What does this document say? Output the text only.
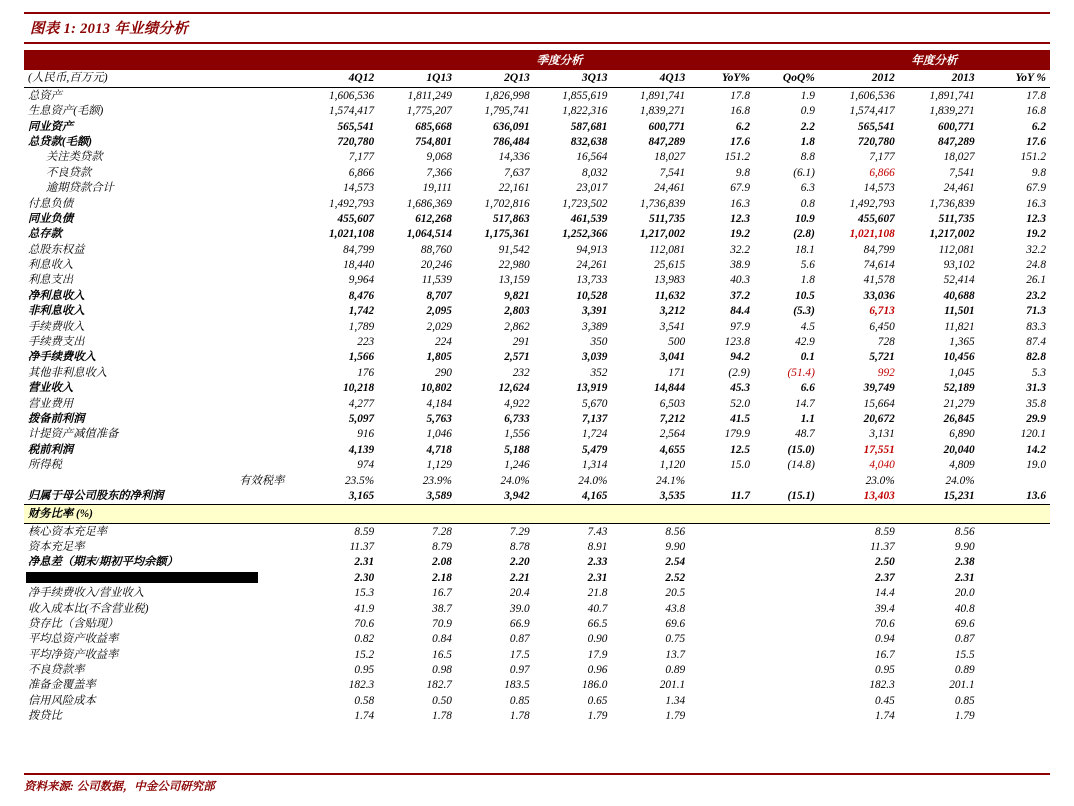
图表 1: 2013 年业绩分析
	季度分析							年度分析		
(人民币,百万元)	4Q12	1Q13	2Q13	3Q13	4Q13	YoY%	QoQ%	2012	2013	YoY %
总资产	1,606,536	1,811,249	1,826,998	1,855,619	1,891,741	17.8	1.9	1,606,536	1,891,741	17.8
生息资产(毛额)	1,574,417	1,775,207	1,795,741	1,822,316	1,839,271	16.8	0.9	1,574,417	1,839,271	16.8
同业资产	565,541	685,668	636,091	587,681	600,771	6.2	2.2	565,541	600,771	6.2
总贷款(毛额)	720,780	754,801	786,484	832,638	847,289	17.6	1.8	720,780	847,289	17.6
关注类贷款	7,177	9,068	14,336	16,564	18,027	151.2	8.8	7,177	18,027	151.2
不良贷款	6,866	7,366	7,637	8,032	7,541	9.8	(6.1)	6,866	7,541	9.8
逾期贷款合计	14,573	19,111	22,161	23,017	24,461	67.9	6.3	14,573	24,461	67.9
付息负债	1,492,793	1,686,369	1,702,816	1,723,502	1,736,839	16.3	0.8	1,492,793	1,736,839	16.3
同业负债	455,607	612,268	517,863	461,539	511,735	12.3	10.9	455,607	511,735	12.3
总存款	1,021,108	1,064,514	1,175,361	1,252,366	1,217,002	19.2	(2.8)	1,021,108	1,217,002	19.2
总股东权益	84,799	88,760	91,542	94,913	112,081	32.2	18.1	84,799	112,081	32.2
利息收入	18,440	20,246	22,980	24,261	25,615	38.9	5.6	74,614	93,102	24.8
利息支出	9,964	11,539	13,159	13,733	13,983	40.3	1.8	41,578	52,414	26.1
净利息收入	8,476	8,707	9,821	10,528	11,632	37.2	10.5	33,036	40,688	23.2
非利息收入	1,742	2,095	2,803	3,391	3,212	84.4	(5.3)	6,713	11,501	71.3
手续费收入	1,789	2,029	2,862	3,389	3,541	97.9	4.5	6,450	11,821	83.3
手续费支出	223	224	291	350	500	123.8	42.9	728	1,365	87.4
净手续费收入	1,566	1,805	2,571	3,039	3,041	94.2	0.1	5,721	10,456	82.8
其他非利息收入	176	290	232	352	171	(2.9)	(51.4)	992	1,045	5.3
营业收入	10,218	10,802	12,624	13,919	14,844	45.3	6.6	39,749	52,189	31.3
营业费用	4,277	4,184	4,922	5,670	6,503	52.0	14.7	15,664	21,279	35.8
拨备前利润	5,097	5,763	6,733	7,137	7,212	41.5	1.1	20,672	26,845	29.9
计提资产减值准备	916	1,046	1,556	1,724	2,564	179.9	48.7	3,131	6,890	120.1
税前利润	4,139	4,718	5,188	5,479	4,655	12.5	(15.0)	17,551	20,040	14.2
所得税	974	1,129	1,246	1,314	1,120	15.0	(14.8)	4,040	4,809	19.0
有效税率	23.5%	23.9%	24.0%	24.0%	24.1%			23.0%	24.0%	
归属于母公司股东的净利润	3,165	3,589	3,942	4,165	3,535	11.7	(15.1)	13,403	15,231	13.6
财务比率 (%)										
核心资本充足率	8.59	7.28	7.29	7.43	8.56			8.59	8.56	
资本充足率	11.37	8.79	8.78	8.91	9.90			11.37	9.90	
净息差（期末/期初平均余额）	2.31	2.08	2.20	2.33	2.54			2.50	2.38	

	2.30	2.18	2.21	2.31	2.52			2.37	2.31	
净手续费收入/营业收入	15.3	16.7	20.4	21.8	20.5			14.4	20.0	
收入成本比(不含营业税)	41.9	38.7	39.0	40.7	43.8			39.4	40.8	
贷存比（含贴现）	70.6	70.9	66.9	66.5	69.6			70.6	69.6	
平均总资产收益率	0.82	0.84	0.87	0.90	0.75			0.94	0.87	
平均净资产收益率	15.2	16.5	17.5	17.9	13.7			16.7	15.5	
不良贷款率	0.95	0.98	0.97	0.96	0.89			0.95	0.89	
准备金覆盖率	182.3	182.7	183.5	186.0	201.1			182.3	201.1	
信用风险成本	0.58	0.50	0.85	0.65	1.34			0.45	0.85	
拨贷比	1.74	1.78	1.78	1.79	1.79			1.74	1.79	
资料来源: 公司数据，中金公司研究部
